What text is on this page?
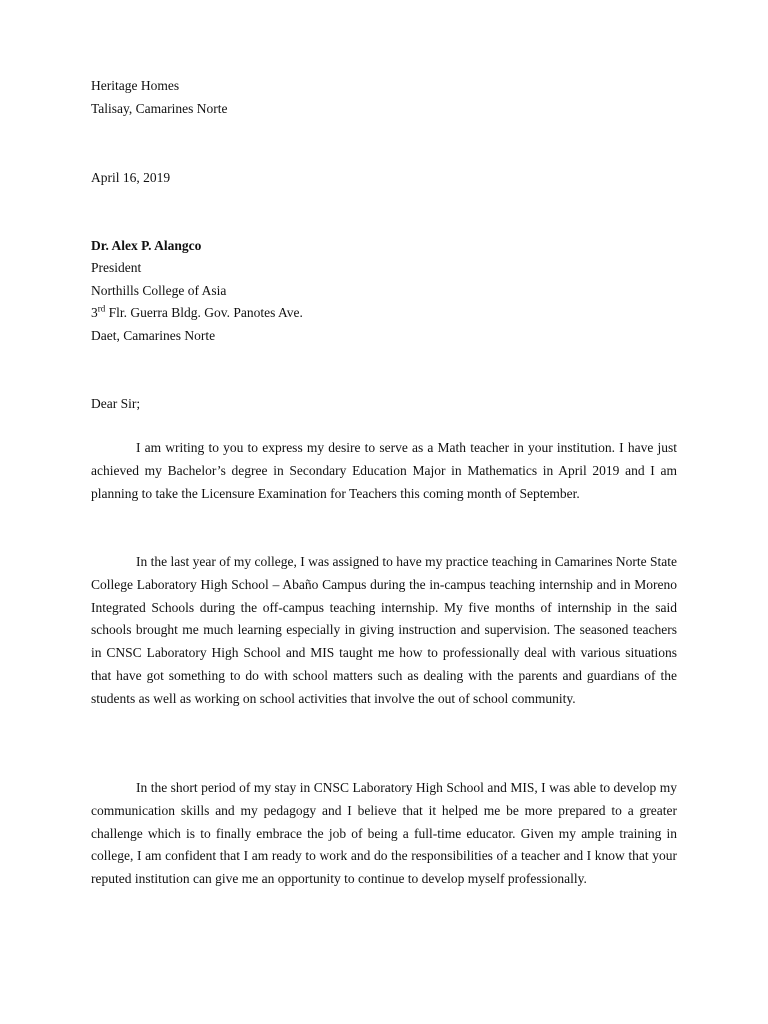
Heritage Homes
Talisay, Camarines Norte
April 16, 2019
Dr. Alex P. Alangco
President
Northills College of Asia
3rd Flr. Guerra Bldg. Gov. Panotes Ave.
Daet, Camarines Norte
Dear Sir;

I am writing to you to express my desire to serve as a Math teacher in your institution. I have just achieved my Bachelor’s degree in Secondary Education Major in Mathematics in April 2019 and I am planning to take the Licensure Examination for Teachers this coming month of September.

In the last year of my college, I was assigned to have my practice teaching in Camarines Norte State College Laboratory High School – Abaño Campus during the in-campus teaching internship and in Moreno Integrated Schools during the off-campus teaching internship. My five months of internship in the said schools brought me much learning especially in giving instruction and supervision. The seasoned teachers in CNSC Laboratory High School and MIS taught me how to professionally deal with various situations that have got something to do with school matters such as dealing with the parents and guardians of the students as well as working on school activities that involve the out of school community.

In the short period of my stay in CNSC Laboratory High School and MIS, I was able to develop my communication skills and my pedagogy and I believe that it helped me be more prepared to a greater challenge which is to finally embrace the job of being a full-time educator. Given my ample training in college, I am confident that I am ready to work and do the responsibilities of a teacher and I know that your reputed institution can give me an opportunity to continue to develop myself professionally.
